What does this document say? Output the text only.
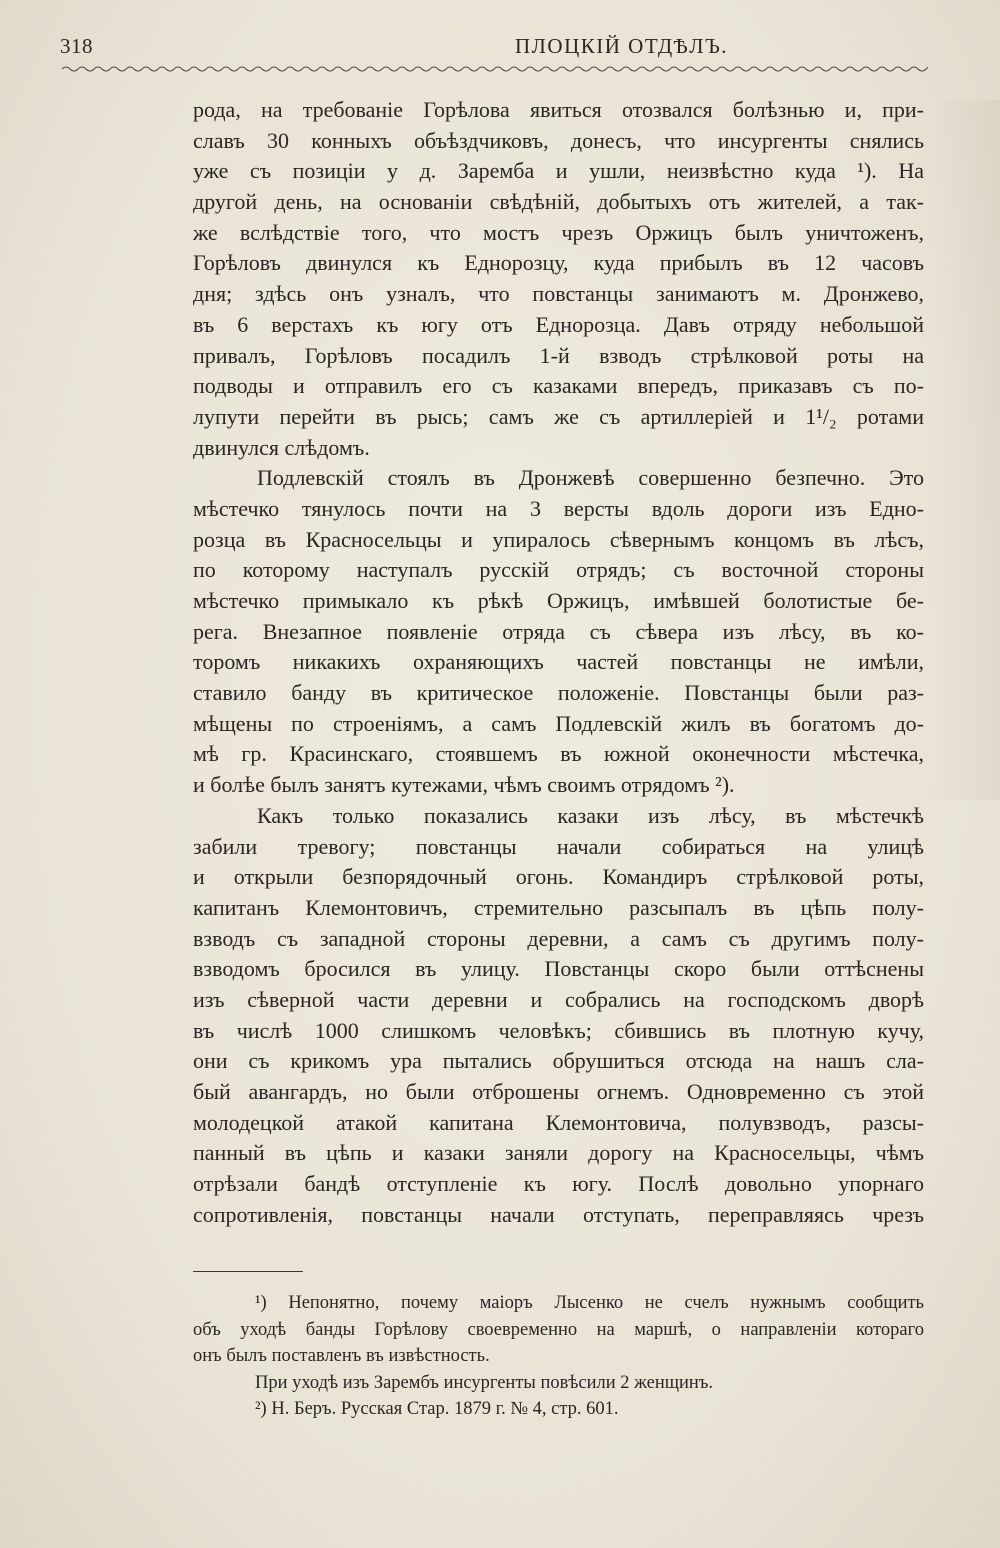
318	ПЛОЦКІЙ ОТДѢЛЪ.
рода, на требованіе Горѣлова явиться отозвался болѣзнью и, при-
славъ 30 конныхъ объѣздчиковъ, донесъ, что инсургенты снялись
уже съ позиціи у д. Заремба и ушли, неизвѣстно куда ¹). На
другой день, на основаніи свѣдѣній, добытыхъ отъ жителей, а так-
же вслѣдствіе того, что мостъ чрезъ Оржицъ былъ уничтоженъ,
Горѣловъ двинулся къ Еднорозцу, куда прибылъ въ 12 часовъ
дня; здѣсь онъ узналъ, что повстанцы занимаютъ м. Дронжево,
въ 6 верстахъ къ югу отъ Еднорозца. Давъ отряду небольшой
привалъ, Горѣловъ посадилъ 1-й взводъ стрѣлковой роты на
подводы и отправилъ его съ казаками впередъ, приказавъ съ по-
лупути перейти въ рысь; самъ же съ артиллеріей и 1¹/₂ ротами
двинулся слѣдомъ.
Подлевскій стоялъ въ Дронжевѣ совершенно безпечно. Это
мѣстечко тянулось почти на 3 версты вдоль дороги изъ Едно-
розца въ Красносельцы и упиралось сѣвернымъ концомъ въ лѣсъ,
по которому наступалъ русскій отрядъ; съ восточной стороны
мѣстечко примыкало къ рѣкѣ Оржицъ, имѣвшей болотистые бе-
рега. Внезапное появленіе отряда съ сѣвера изъ лѣсу, въ ко-
торомъ никакихъ охраняющихъ частей повстанцы не имѣли,
ставило банду въ критическое положеніе. Повстанцы были раз-
мѣщены по строеніямъ, а самъ Подлевскій жилъ въ богатомъ до-
мѣ гр. Красинскаго, стоявшемъ въ южной оконечности мѣстечка,
и болѣе былъ занятъ кутежами, чѣмъ своимъ отрядомъ ²).
Какъ только показались казаки изъ лѣсу, въ мѣстечкѣ
забили тревогу; повстанцы начали собираться на улицѣ
и открыли безпорядочный огонь. Командиръ стрѣлковой роты,
капитанъ Клемонтовичъ, стремительно разсыпалъ въ цѣпь полу-
взводъ съ западной стороны деревни, а самъ съ другимъ полу-
взводомъ бросился въ улицу. Повстанцы скоро были оттѣснены
изъ сѣверной части деревни и собрались на господскомъ дворѣ
въ числѣ 1000 слишкомъ человѣкъ; сбившись въ плотную кучу,
они съ крикомъ ура пытались обрушиться отсюда на нашъ сла-
бый авангардъ, но были отброшены огнемъ. Одновременно съ этой
молодецкой атакой капитана Клемонтовича, полувзводъ, разсы-
панный въ цѣпь и казаки заняли дорогу на Красносельцы, чѣмъ
отрѣзали бандѣ отступленіе къ югу. Послѣ довольно упорнаго
сопротивленія, повстанцы начали отступать, переправляясь чрезъ
¹) Непонятно, почему маіоръ Лысенко не счелъ нужнымъ сообщить
объ уходѣ банды Горѣлову своевременно на маршѣ, о направленіи котораго
онъ былъ поставленъ въ извѣстность.
При уходѣ изъ Зарембъ инсургенты повѣсили 2 женщинъ.
²) Н. Беръ. Русская Стар. 1879 г. № 4, стр. 601.
